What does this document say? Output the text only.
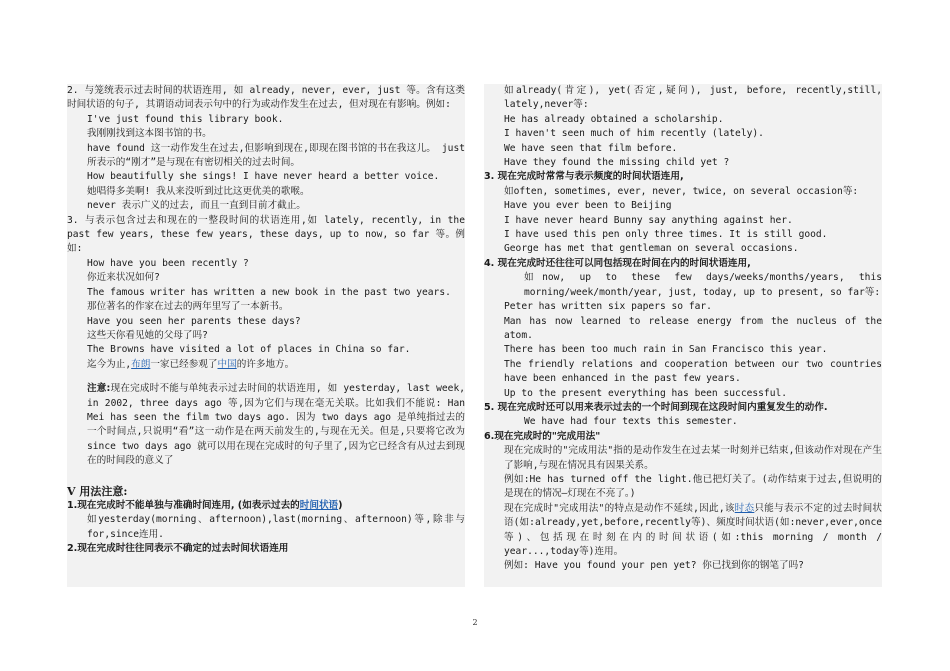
2. 与笼统表示过去时间的状语连用, 如 already, never, ever, just 等。含有这类时间状语的句子, 其谓语动词表示句中的行为或动作发生在过去, 但对现在有影响。例如:

I've just found this library book.

我刚刚找到这本图书馆的书。

have found 这一动作发生在过去,但影响到现在,即现在图书馆的书在我这儿。 just 所表示的“刚才”是与现在有密切相关的过去时间。

How beautifully she sings! I have never heard a better voice.

她唱得多美啊! 我从来没听到过比这更优美的歌喉。

never 表示广义的过去, 而且一直到目前才截止。

3. 与表示包含过去和现在的一整段时间的状语连用,如 lately, recently, in the past few years, these few years, these days, up to now, so far 等。例如:

How have you been recently ?

你近来状况如何?

The famous writer has written a new book in the past two years.

那位著名的作家在过去的两年里写了一本新书。

Have you seen her parents these days?

这些天你看见她的父母了吗?

The Browns have visited a lot of places in China so far.

迄今为止,布朗一家已经参观了中国的许多地方。

注意:现在完成时不能与单纯表示过去时间的状语连用, 如 yesterday, last week, in 2002, three days ago 等,因为它们与现在毫无关联。比如我们不能说: Han Mei has seen the film two days ago. 因为 two days ago 是单纯指过去的一个时间点,只说明“看”这一动作是在两天前发生的,与现在无关。但是,只要将它改为 since two days ago 就可以用在现在完成时的句子里了,因为它已经含有从过去到现在的时间段的意义了

V 用法注意:

1.现在完成时不能单独与准确时间连用, (如表示过去的时间状语)

如yesterday(morning、afternoon),last(morning、afternoon)等,除非与for,since连用.

2.现在完成时往往同表示不确定的过去时间状语连用

如already(肯定), yet(否定,疑问), just, before, recently,still, lately,never等:

He has already obtained a scholarship.

I haven't seen much of him recently (lately).

We have seen that film before.

Have they found the missing child yet ?

3. 现在完成时常常与表示频度的时间状语连用,

如often, sometimes, ever, never, twice, on several occasion等:

Have you ever been to Beijing

I have never heard Bunny say anything against her.

I have used this pen only three times. It is still good.

George has met that gentleman on several occasions.

4. 现在完成时还往往可以同包括现在时间在内的时间状语连用,

如now, up to these few days/weeks/months/years, this morning/week/month/year, just, today, up to present, so far等:

Peter has written six papers so far.

Man has now learned to release energy from the nucleus of the atom.

There has been too much rain in San Francisco this year.

The friendly relations and cooperation between our two countries have been enhanced in the past few years.

Up to the present everything has been successful.

5. 现在完成时还可以用来表示过去的一个时间到现在这段时间内重复发生的动作.

We have had four texts this semester.

6.现在完成时的"完成用法"

现在完成时的"完成用法"指的是动作发生在过去某一时刻并已结束,但该动作对现在产生了影响,与现在情况具有因果关系。

例如:He has turned off the light.他已把灯关了。(动作结束于过去,但说明的是现在的情况—灯现在不亮了。)

现在完成时"完成用法"的特点是动作不延续,因此,该时态只能与表示不定的过去时间状语(如:already,yet,before,recently等)、频度时间状语(如:never,ever,once等)、包括现在时刻在内的时间状语(如:this morning / month / year...,today等)连用。

例如: Have you found your pen yet? 你已找到你的钢笔了吗?

2
